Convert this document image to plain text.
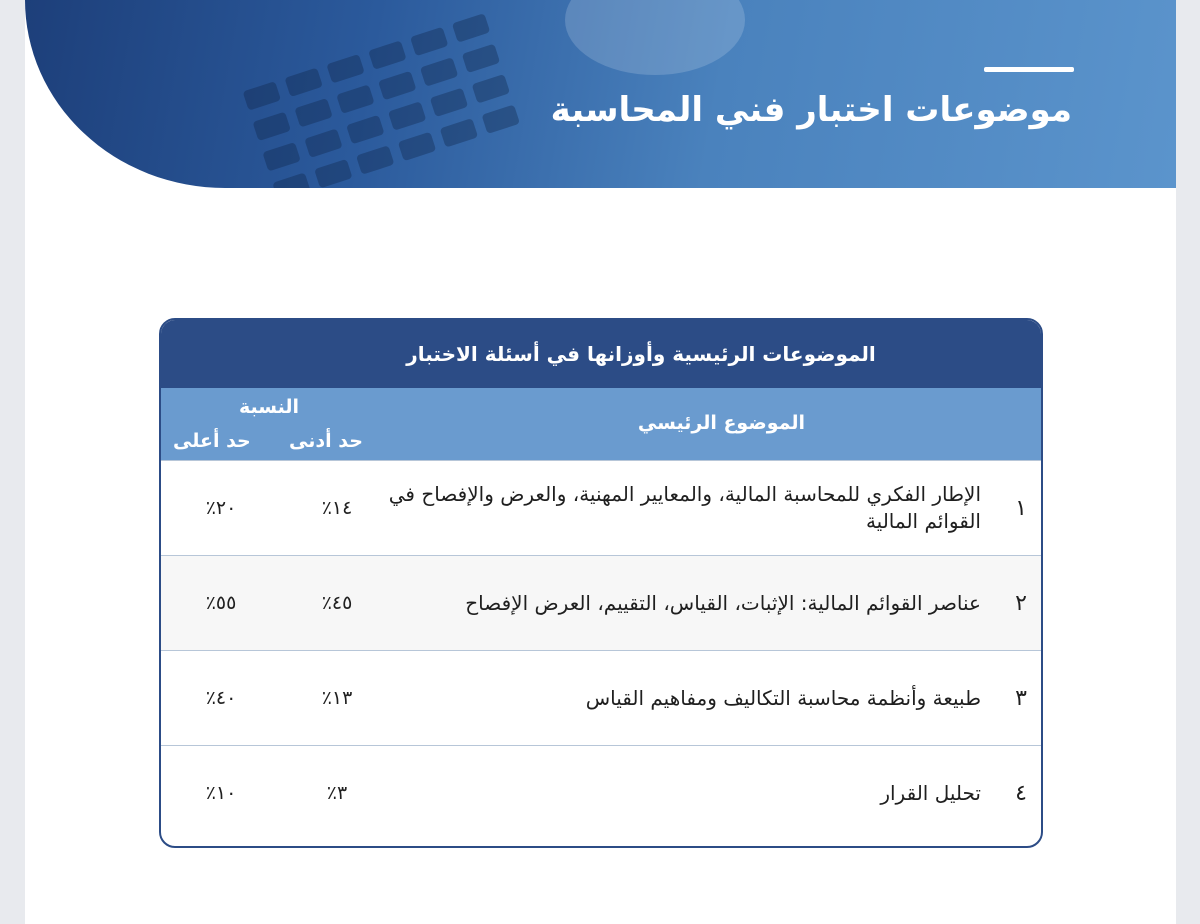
موضوعات اختبار فني المحاسبة
الموضوعات الرئيسية وأوزانها في أسئلة الاختبار
الموضوع الرئيسي
النسبة
حد أدنى
حد أعلى
١
الإطار الفكري للمحاسبة المالية، والمعايير المهنية، والعرض والإفصاح في القوائم المالية
١٤٪
٢٠٪
٢
عناصر القوائم المالية: الإثبات، القياس، التقييم، العرض الإفصاح
٤٥٪
٥٥٪
٣
طبيعة وأنظمة محاسبة التكاليف ومفاهيم القياس
١٣٪
٤٠٪
٤
تحليل القرار
٣٪
١٠٪
